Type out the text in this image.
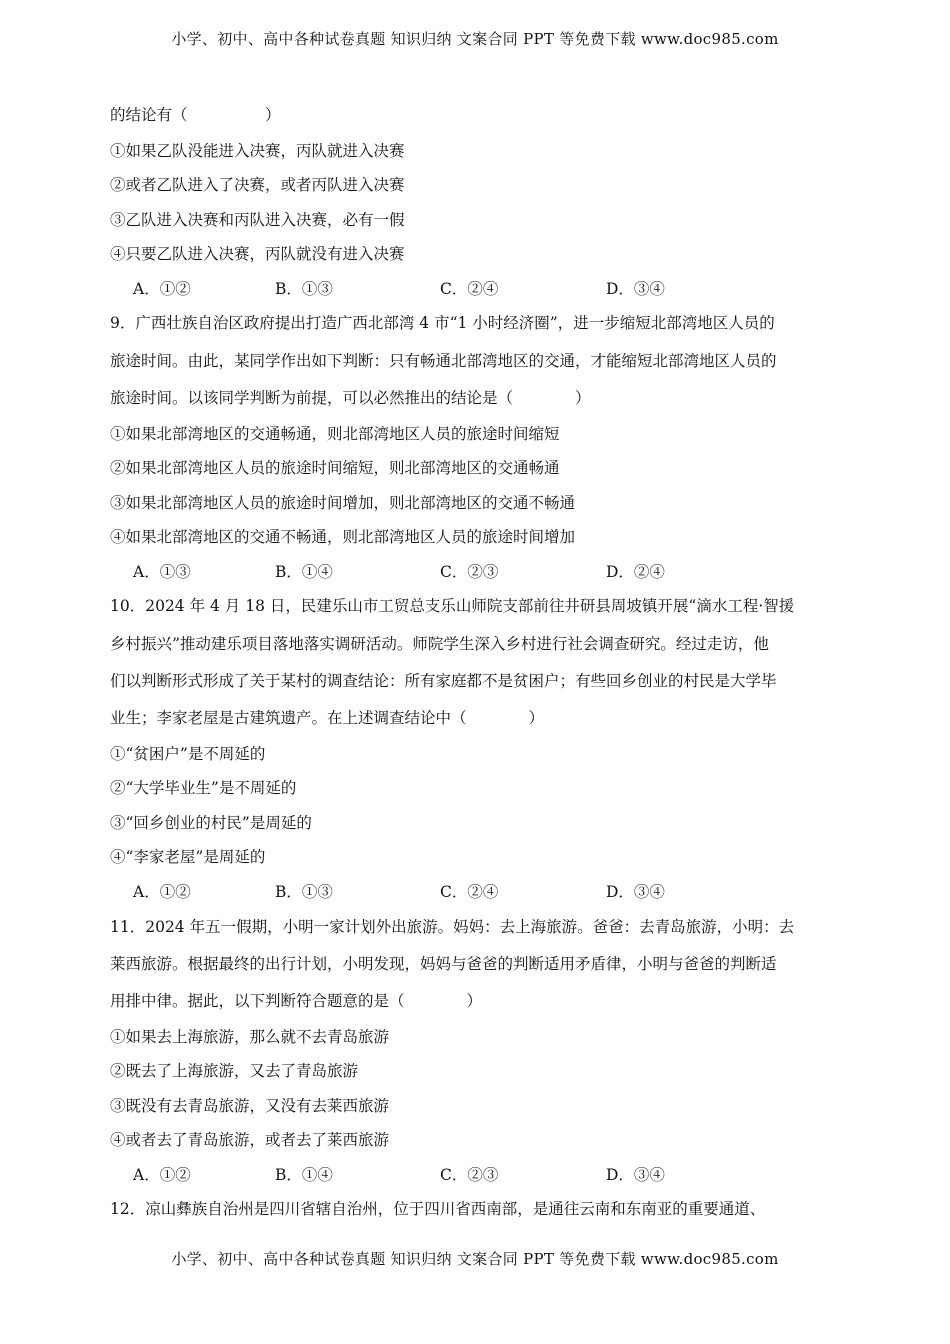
小学、初中、高中各种试卷真题 知识归纳 文案合同 PPT 等免费下载 www.doc985.com
的结论有（　　　　　）
①如果乙队没能进入决赛，丙队就进入决赛
②或者乙队进入了决赛，或者丙队进入决赛
③乙队进入决赛和丙队进入决赛，必有一假
④只要乙队进入决赛，丙队就没有进入决赛
A．①②	B．①③	C．②④	D．③④
9．广西壮族自治区政府提出打造广西北部湾 4 市“1 小时经济圈”，进一步缩短北部湾地区人员的
旅途时间。由此，某同学作出如下判断：只有畅通北部湾地区的交通，才能缩短北部湾地区人员的
旅途时间。以该同学判断为前提，可以必然推出的结论是（　　　　）
①如果北部湾地区的交通畅通，则北部湾地区人员的旅途时间缩短
②如果北部湾地区人员的旅途时间缩短，则北部湾地区的交通畅通
③如果北部湾地区人员的旅途时间增加，则北部湾地区的交通不畅通
④如果北部湾地区的交通不畅通，则北部湾地区人员的旅途时间增加
A．①③	B．①④	C．②③	D．②④
10．2024 年 4 月 18 日，民建乐山市工贸总支乐山师院支部前往井研县周坡镇开展“滴水工程·智援
乡村振兴”推动建乐项目落地落实调研活动。师院学生深入乡村进行社会调查研究。经过走访，他
们以判断形式形成了关于某村的调查结论：所有家庭都不是贫困户；有些回乡创业的村民是大学毕
业生；李家老屋是古建筑遗产。在上述调查结论中（　　　　）
①“贫困户”是不周延的
②“大学毕业生”是不周延的
③“回乡创业的村民”是周延的
④“李家老屋”是周延的
A．①②	B．①③	C．②④	D．③④
11．2024 年五一假期，小明一家计划外出旅游。妈妈：去上海旅游。爸爸：去青岛旅游，小明：去
莱西旅游。根据最终的出行计划，小明发现，妈妈与爸爸的判断适用矛盾律，小明与爸爸的判断适
用排中律。据此，以下判断符合题意的是（　　　　）
①如果去上海旅游，那么就不去青岛旅游
②既去了上海旅游，又去了青岛旅游
③既没有去青岛旅游，又没有去莱西旅游
④或者去了青岛旅游，或者去了莱西旅游
A．①②	B．①④	C．②③	D．③④
12．凉山彝族自治州是四川省辖自治州，位于四川省西南部，是通往云南和东南亚的重要通道、
小学、初中、高中各种试卷真题 知识归纳 文案合同 PPT 等免费下载 www.doc985.com
